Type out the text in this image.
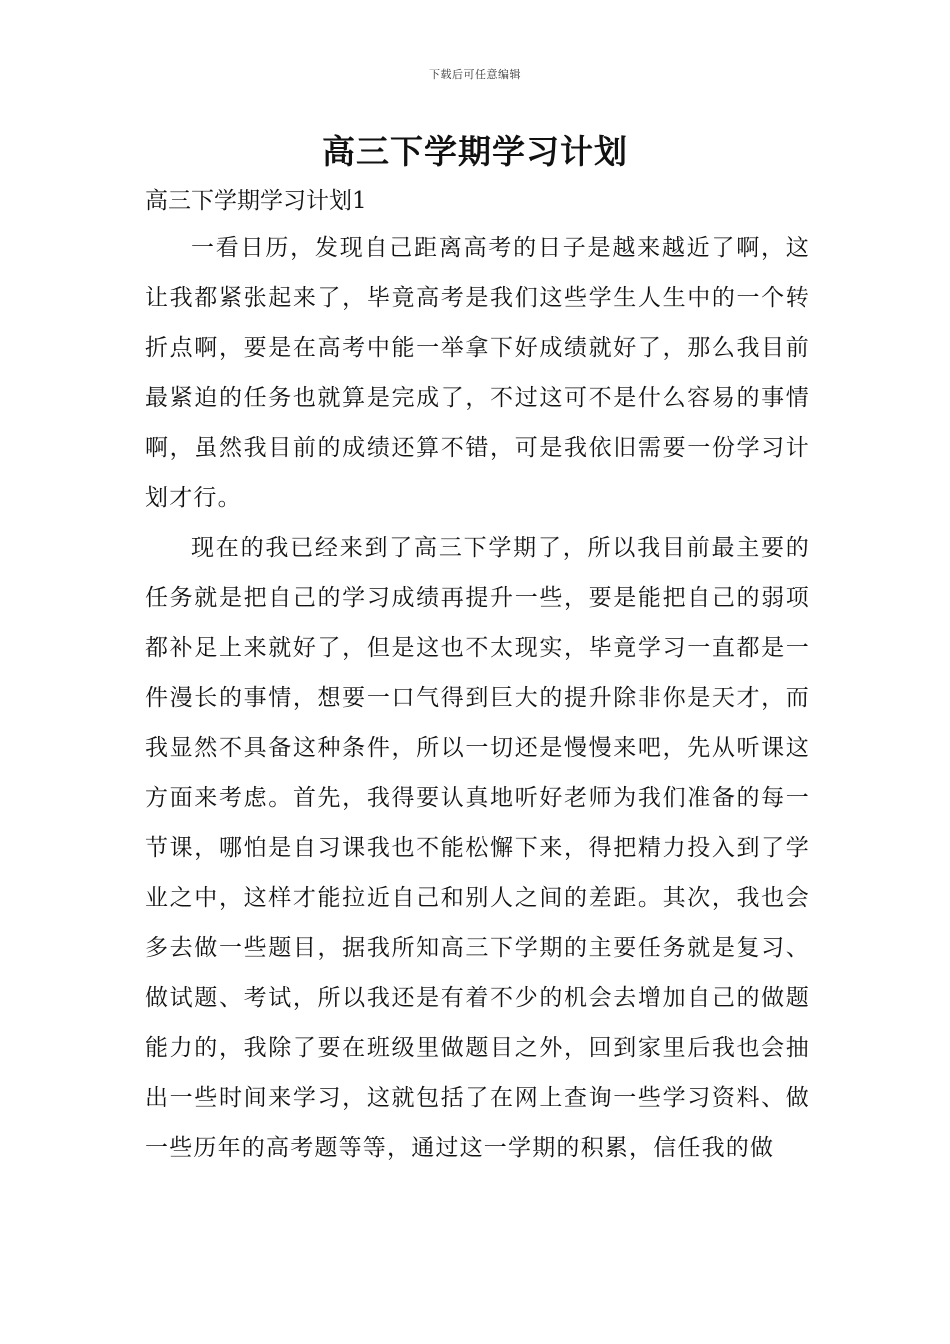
下载后可任意编辑
高三下学期学习计划
高三下学期学习计划1

一看日历，发现自己距离高考的日子是越来越近了啊，这让我都紧张起来了，毕竟高考是我们这些学生人生中的一个转折点啊，要是在高考中能一举拿下好成绩就好了，那么我目前最紧迫的任务也就算是完成了，不过这可不是什么容易的事情啊，虽然我目前的成绩还算不错，可是我依旧需要一份学习计划才行。

现在的我已经来到了高三下学期了，所以我目前最主要的任务就是把自己的学习成绩再提升一些，要是能把自己的弱项都补足上来就好了，但是这也不太现实，毕竟学习一直都是一件漫长的事情，想要一口气得到巨大的提升除非你是天才，而我显然不具备这种条件，所以一切还是慢慢来吧，先从听课这方面来考虑。首先，我得要认真地听好老师为我们准备的每一节课，哪怕是自习课我也不能松懈下来，得把精力投入到了学业之中，这样才能拉近自己和别人之间的差距。其次，我也会多去做一些题目，据我所知高三下学期的主要任务就是复习、做试题、考试，所以我还是有着不少的机会去增加自己的做题能力的，我除了要在班级里做题目之外，回到家里后我也会抽出一些时间来学习，这就包括了在网上查询一些学习资料、做一些历年的高考题等等，通过这一学期的积累，信任我的做
